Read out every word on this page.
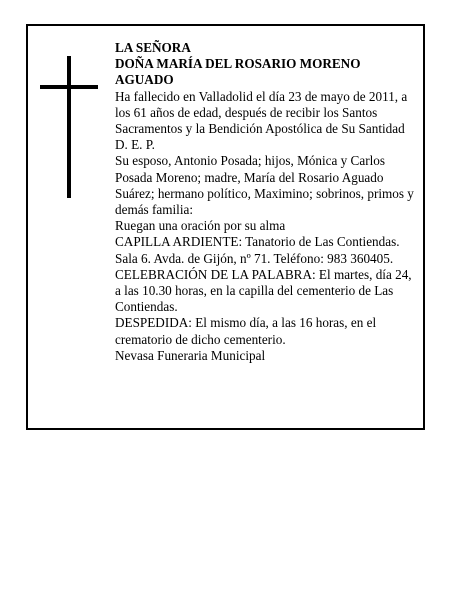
LA SEÑORA

DOÑA MARÍA DEL ROSARIO MORENO AGUADO

Ha fallecido en Valladolid el día 23 de mayo de 2011, a los 61 años de edad, después de recibir los Santos Sacramentos y la Bendición Apostólica de Su Santidad

D. E. P.

Su esposo, Antonio Posada; hijos, Mónica y Carlos Posada Moreno; madre, María del Rosario Aguado Suárez; hermano político, Maximino; sobrinos, primos y demás familia:

Ruegan una oración por su alma

CAPILLA ARDIENTE: Tanatorio de Las Contiendas. Sala 6. Avda. de Gijón, nº 71. Teléfono: 983 360405.

CELEBRACIÓN DE LA PALABRA: El martes, día 24, a las 10.30 horas, en la capilla del cementerio de Las Contiendas.

DESPEDIDA: El mismo día, a las 16 horas, en el crematorio de dicho cementerio.

Nevasa Funeraria Municipal
